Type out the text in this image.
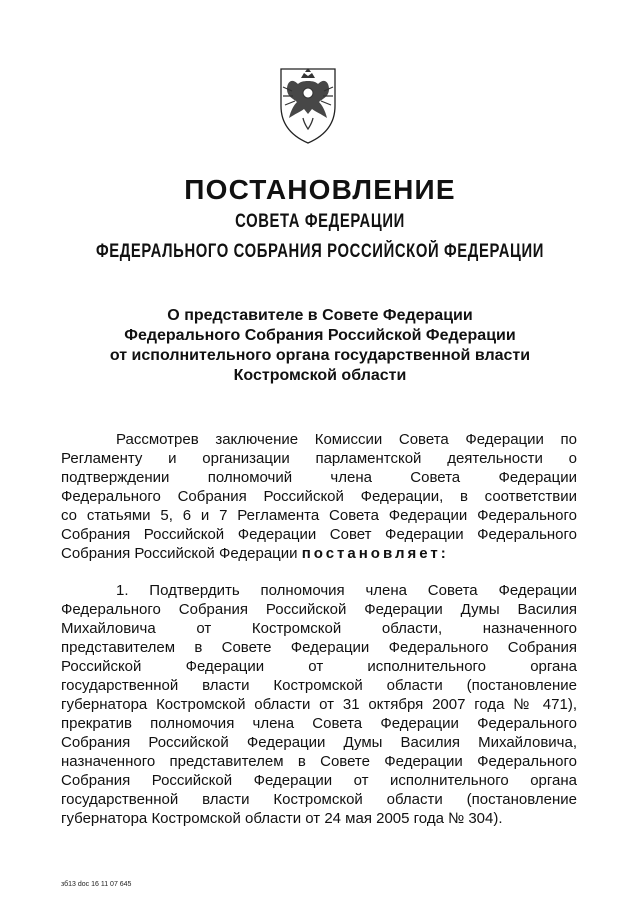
ПОСТАНОВЛЕНИЕ
СОВЕТА ФЕДЕРАЦИИ
ФЕДЕРАЛЬНОГО СОБРАНИЯ РОССИЙСКОЙ ФЕДЕРАЦИИ
О представителе в Совете Федерации
Федерального Собрания Российской Федерации
от исполнительного органа государственной власти
Костромской области
Рассмотрев заключение Комиссии Совета Федерации по
Регламенту и организации парламентской деятельности о
подтверждении полномочий члена Совета Федерации
Федерального Собрания Российской Федерации, в соответствии
со статьями 5, 6 и 7 Регламента Совета Федерации Федерального
Собрания Российской Федерации Совет Федерации Федерального
Собрания Российской Федерации постановляет:
1. Подтвердить полномочия члена Совета Федерации
Федерального Собрания Российской Федерации Думы Василия
Михайловича от Костромской области, назначенного
представителем в Совете Федерации Федерального Собрания
Российской Федерации от исполнительного органа
государственной власти Костромской области (постановление
губернатора Костромской области от 31 октября 2007 года № 471),
прекратив полномочия члена Совета Федерации Федерального
Собрания Российской Федерации Думы Василия Михайловича,
назначенного представителем в Совете Федерации Федерального
Собрания Российской Федерации от исполнительного органа
государственной власти Костромской области (постановление
губернатора Костромской области от 24 мая 2005 года № 304).
зб13 doc 16 11 07 645
